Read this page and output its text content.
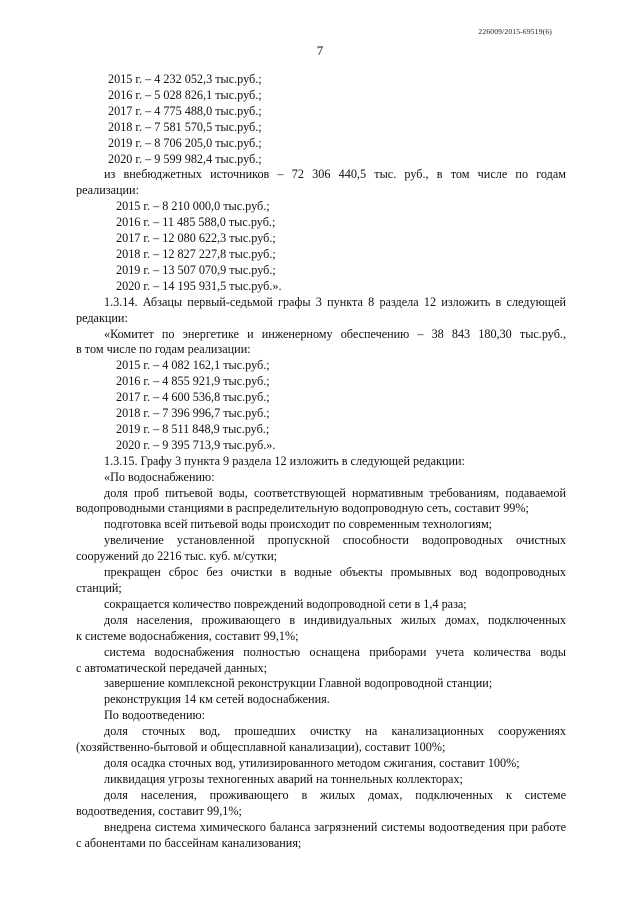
226009/2015-69519(6)
7

2015 г. – 4 232 052,3 тыс.руб.;

2016 г. – 5 028 826,1 тыс.руб.;

2017 г. – 4 775 488,0 тыс.руб.;

2018 г. – 7 581 570,5 тыс.руб.;

2019 г. – 8 706 205,0 тыс.руб.;

2020 г. – 9 599 982,4 тыс.руб.;

из внебюджетных источников – 72 306 440,5 тыс. руб., в том числе по годам

реализации:

2015 г. – 8 210 000,0 тыс.руб.;

2016 г. – 11 485 588,0 тыс.руб.;

2017 г. – 12 080 622,3 тыс.руб.;

2018 г. – 12 827 227,8 тыс.руб.;

2019 г. – 13 507 070,9 тыс.руб.;

2020 г. – 14 195 931,5 тыс.руб.».

1.3.14. Абзацы первый-седьмой графы 3 пункта 8 раздела 12 изложить в следующей

редакции:

«Комитет по энергетике и инженерному обеспечению – 38 843 180,30 тыс.руб.,

в том числе по годам реализации:

2015 г. – 4 082 162,1 тыс.руб.;

2016 г. – 4 855 921,9 тыс.руб.;

2017 г. – 4 600 536,8 тыс.руб.;

2018 г. – 7 396 996,7 тыс.руб.;

2019 г. – 8 511 848,9 тыс.руб.;

2020 г. – 9 395 713,9 тыс.руб.».

1.3.15. Графу 3 пункта 9 раздела 12 изложить в следующей редакции:

«По водоснабжению:

доля проб питьевой воды, соответствующей нормативным требованиям, подаваемой

водопроводными станциями в распределительную водопроводную сеть, составит 99%;

подготовка всей питьевой воды происходит по современным технологиям;

увеличение установленной пропускной способности водопроводных очистных

сооружений до 2216 тыс. куб. м/сутки;

прекращен сброс без очистки в водные объекты промывных вод водопроводных

станций;

сокращается количество повреждений водопроводной сети в 1,4 раза;

доля населения, проживающего в индивидуальных жилых домах, подключенных

к системе водоснабжения, составит 99,1%;

система водоснабжения полностью оснащена приборами учета количества воды

с автоматической передачей данных;

завершение комплексной реконструкции Главной водопроводной станции;

реконструкция 14 км сетей водоснабжения.

По водоотведению:

доля сточных вод, прошедших очистку на канализационных сооружениях

(хозяйственно-бытовой и общесплавной канализации), составит 100%;

доля осадка сточных вод, утилизированного методом сжигания, составит 100%;

ликвидация угрозы техногенных аварий на тоннельных коллекторах;

доля населения, проживающего в жилых домах, подключенных к системе

водоотведения, составит 99,1%;

внедрена система химического баланса загрязнений системы водоотведения при работе

с абонентами по бассейнам канализования;
